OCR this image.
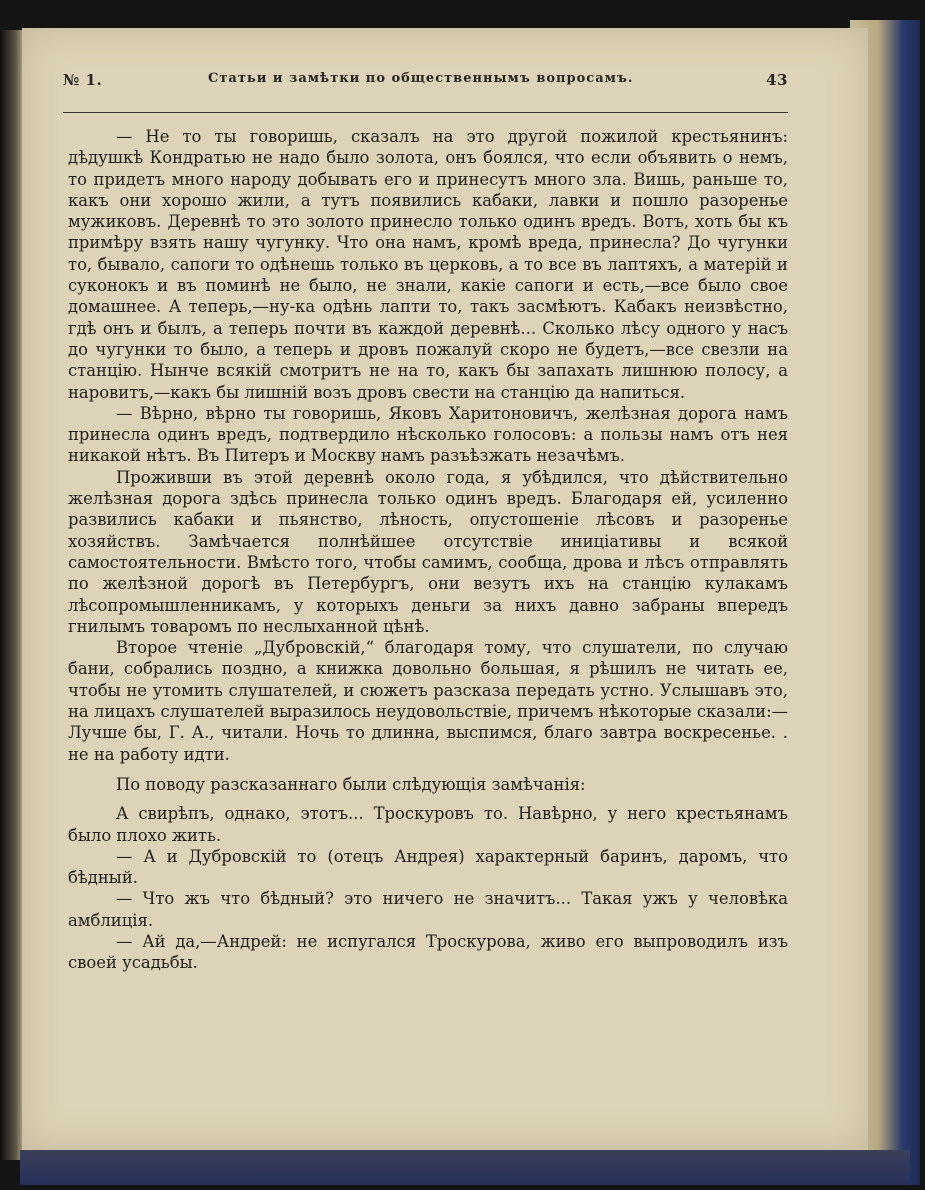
№ 1.	Статьи и замѣтки по общественнымъ вопросамъ.	43

— Не то ты говоришь, сказалъ на это другой пожилой крестьянинъ: дѣдушкѣ Кондратью не надо было золота, онъ боялся, что если объявить о немъ, то придетъ много народу добывать его и принесутъ много зла. Вишь, раньше то, какъ они хорошо жили, а тутъ появились кабаки, лавки и пошло разоренье мужиковъ. Деревнѣ то это золото принесло только одинъ вредъ. Вотъ, хоть бы къ примѣру взять нашу чугунку. Что она намъ, кромѣ вреда, принесла? До чугунки то, бывало, сапоги то одѣнешь только въ церковь, а то все въ лаптяхъ, а матерій и суконокъ и въ поминѣ не было, не знали, какіе сапоги и есть,—все было свое домашнее. А теперь,—ну-ка одѣнь лапти то, такъ засмѣютъ. Кабакъ неизвѣстно, гдѣ онъ и былъ, а теперь почти въ каждой деревнѣ... Сколько лѣсу одного у насъ до чугунки то было, а теперь и дровъ пожалуй скоро не будетъ,—все свезли на станцію. Нынче всякій смотритъ не на то, какъ бы запахать лишнюю полосу, а наровитъ,—какъ бы лишній возъ дровъ свести на станцію да напиться.

— Вѣрно, вѣрно ты говоришь, Яковъ Харитоновичъ, желѣзная дорога намъ принесла одинъ вредъ, подтвердило нѣсколько голосовъ: а пользы намъ отъ нея никакой нѣтъ. Въ Питеръ и Москву намъ разъѣзжать незачѣмъ.

Проживши въ этой деревнѣ около года, я убѣдился, что дѣйствительно желѣзная дорога здѣсь принесла только одинъ вредъ. Благодаря ей, усиленно развились кабаки и пьянство, лѣность, опустошеніе лѣсовъ и разоренье хозяйствъ. Замѣчается полнѣйшее отсутствіе иниціативы и всякой самостоятельности. Вмѣсто того, чтобы самимъ, сообща, дрова и лѣсъ отправлять по желѣзной дорогѣ въ Петербургъ, они везутъ ихъ на станцію кулакамъ лѣсопромышленникамъ, у которыхъ деньги за нихъ давно забраны впередъ гнилымъ товаромъ по неслыханной цѣнѣ.

Второе чтеніе „Дубровскій,“ благодаря тому, что слушатели, по случаю бани, собрались поздно, а книжка довольно большая, я рѣшилъ не читать ее, чтобы не утомить слушателей, и сюжетъ разсказа передать устно. Услышавъ это, на лицахъ слушателей выразилось неудовольствіе, причемъ нѣкоторые сказали:—Лучше бы, Г. А., читали. Ночь то длинна, выспимся, благо завтра воскресенье. . не на работу идти.

По поводу разсказаннаго были слѣдующія замѣчанія:

А свирѣпъ, однако, этотъ... Троскуровъ то. Навѣрно, у него крестьянамъ было плохо жить.

— А и Дубровскій то (отецъ Андрея) характерный баринъ, даромъ, что бѣдный.

— Что жъ что бѣдный? это ничего не значитъ... Такая ужъ у человѣка амблиція.

— Ай да,—Андрей: не испугался Троскурова, живо его выпроводилъ изъ своей усадьбы.
